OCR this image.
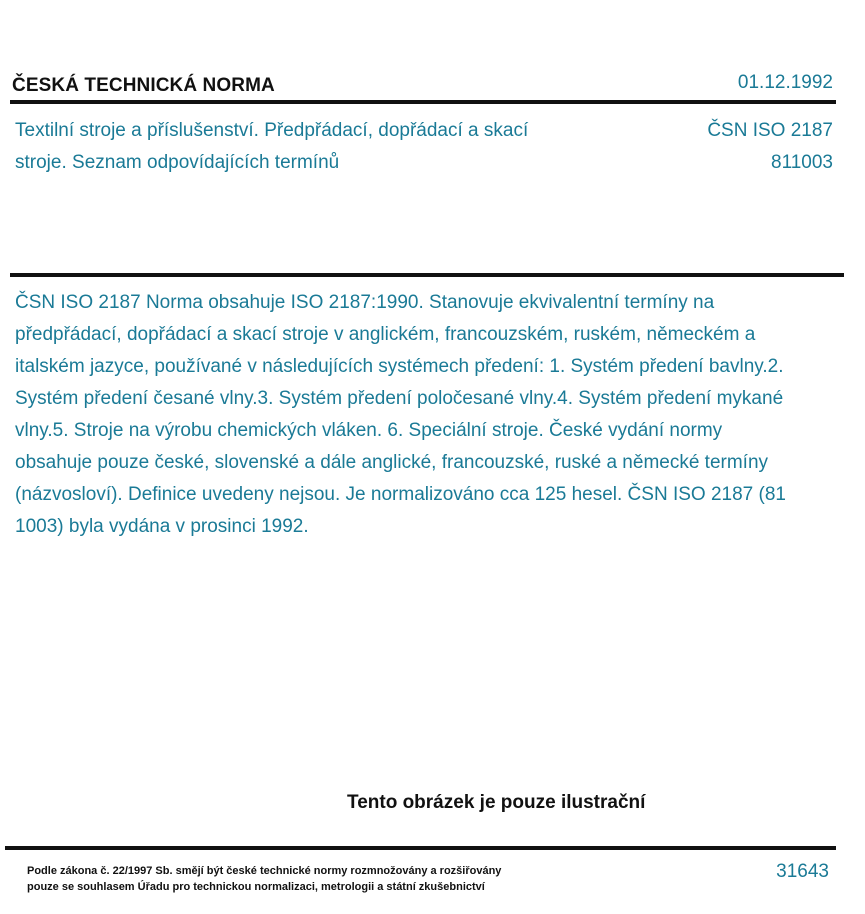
ČESKÁ TECHNICKÁ NORMA	01.12.1992
Textilní stroje a příslušenství. Předpřádací, dopřádací a skací stroje. Seznam odpovídajících termínů
ČSN ISO 2187
811003
ČSN ISO 2187 Norma obsahuje ISO 2187:1990. Stanovuje ekvivalentní termíny na předpřádací, dopřádací a skací stroje v anglickém, francouzském, ruském, německém a italském jazyce, používané v následujících systémech předení: 1. Systém předení bavlny.2. Systém předení česané vlny.3. Systém předení poločesané vlny.4. Systém předení mykané vlny.5. Stroje na výrobu chemických vláken. 6. Speciální stroje. České vydání normy obsahuje pouze české, slovenské a dále anglické, francouzské, ruské a německé termíny (názvosloví). Definice uvedeny nejsou. Je normalizováno cca 125 hesel. ČSN ISO 2187 (81 1003) byla vydána v prosinci 1992.
Tento obrázek je pouze ilustrační
Podle zákona č. 22/1997 Sb. smějí být české technické normy rozmnožovány a rozšiřovány
pouze se souhlasem Úřadu pro technickou normalizaci, metrologii a státní zkušebnictví
31643
